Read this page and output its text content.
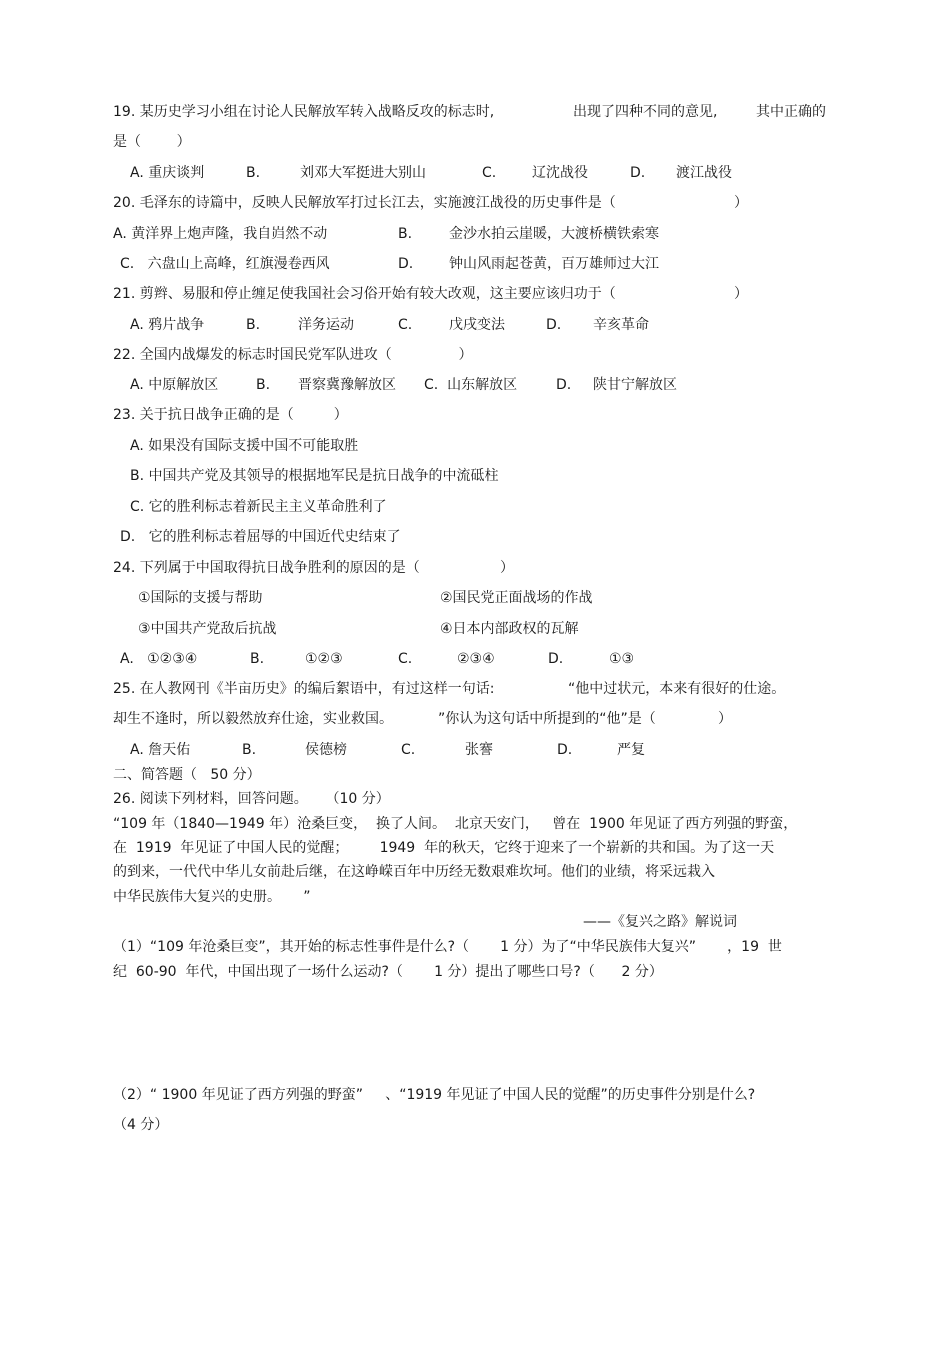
19. 某历史学习小组在讨论人民解放军转入战略反攻的标志时,	出现了四种不同的意见,	其中正确的
是（        ）
A. 重庆谈判	B.	刘邓大军挺进大别山	C.	辽沈战役	D. 渡江战役
20. 毛泽东的诗篇中，反映人民解放军打过长江去，实施渡江战役的历史事件是（	）
A. 黄洋界上炮声隆，我自岿然不动	B.	金沙水拍云崖暖，大渡桥横铁索寒
C.   六盘山上高峰，红旗漫卷西风	D.	钟山风雨起苍黄，百万雄师过大江
21. 剪辫、易服和停止缠足使我国社会习俗开始有较大改观，这主要应该归功于（	）
A. 鸦片战争	B.	洋务运动	C.	戊戌变法	D. 辛亥革命
22. 全国内战爆发的标志时国民党军队进攻（               ）
A. 中原解放区	B. 晋察冀豫解放区 C.  山东解放区	D. 陕甘宁解放区
23. 关于抗日战争正确的是（         ）
A. 如果没有国际支援中国不可能取胜
B. 中国共产党及其领导的根据地军民是抗日战争的中流砥柱
C. 它的胜利标志着新民主主义革命胜利了
D.   它的胜利标志着屈辱的中国近代史结束了
24. 下列属于中国取得抗日战争胜利的原因的是（	）
①国际的支援与帮助	②国民党正面战场的作战
③中国共产党敌后抗战	④日本内部政权的瓦解
A.   ①②③④	B.	①②③	C.	②③④	D.	①③
25. 在人教网刊《半亩历史》的编后絮语中，有过这样一句话:	“他中过状元，本来有很好的仕途。
却生不逢时，所以毅然放弃仕途，实业救国。	”你认为这句话中所提到的“他”是（              ）
A. 詹天佑	B.	侯德榜	C.	张謇	D.	严复
二、简答题（   50 分）
26. 阅读下列材料，回答问题。    （10 分）
“109 年（1840—1949 年）沧桑巨变，  换了人间。  北京天安门，   曾在  1900 年见证了西方列强的野蛮，
在  1919  年见证了中国人民的觉醒；       1949  年的秋天，它终于迎来了一个崭新的共和国。为了这一天
的到来，一代代中华儿女前赴后继，在这峥嵘百年中历经无数艰难坎坷。他们的业绩，将采远栽入
中华民族伟大复兴的史册。     ”
——《复兴之路》解说词
（1）“109 年沧桑巨变”，其开始的标志性事件是什么?（       1 分）为了“中华民族伟大复兴”       ，19  世
纪  60-90  年代，中国出现了一场什么运动?（       1 分）提出了哪些口号?（      2 分）
（2）“ 1900 年见证了西方列强的野蛮”     、“1919 年见证了中国人民的觉醒”的历史事件分别是什么?
（4 分）
